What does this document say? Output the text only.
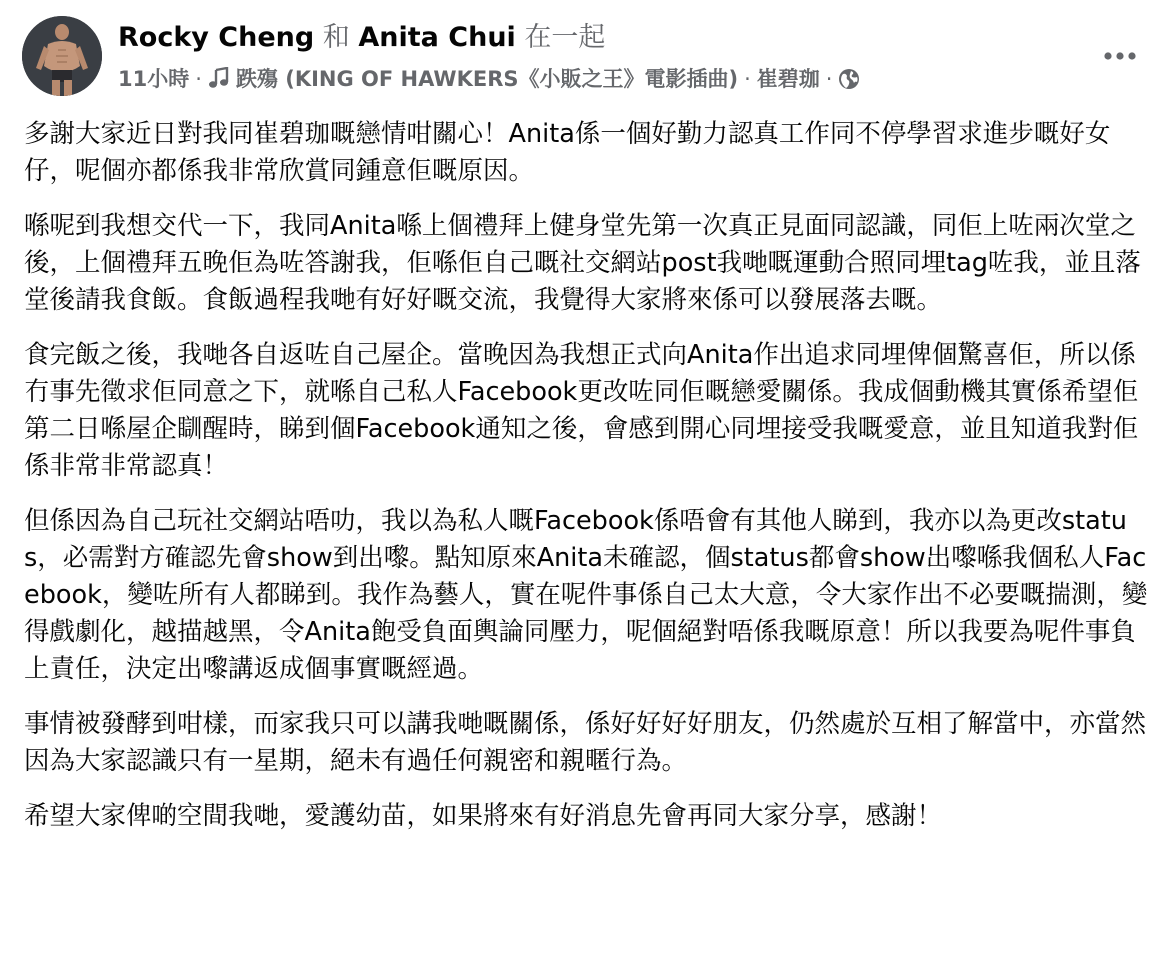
Rocky Cheng 和 Anita Chui 在一起
11小時 · 跌殤 (KING OF HAWKERS《小販之王》電影插曲) · 崔碧珈 ·

多謝大家近日對我同崔碧珈嘅戀情咁關心！Anita係一個好勤力認真工作同不停學習求進步嘅好女仔，呢個亦都係我非常欣賞同鍾意佢嘅原因。

喺呢到我想交代一下，我同Anita喺上個禮拜上健身堂先第一次真正見面同認識，同佢上咗兩次堂之後，上個禮拜五晚佢為咗答謝我，佢喺佢自己嘅社交網站post我哋嘅運動合照同埋tag咗我，並且落堂後請我食飯。食飯過程我哋有好好嘅交流，我覺得大家將來係可以發展落去嘅。

食完飯之後，我哋各自返咗自己屋企。當晚因為我想正式向Anita作出追求同埋俾個驚喜佢，所以係冇事先徵求佢同意之下，就喺自己私人Facebook更改咗同佢嘅戀愛關係。我成個動機其實係希望佢第二日喺屋企瞓醒時，睇到個Facebook通知之後，會感到開心同埋接受我嘅愛意，並且知道我對佢係非常非常認真！

但係因為自己玩社交網站唔叻，我以為私人嘅Facebook係唔會有其他人睇到，我亦以為更改status，必需對方確認先會show到出嚟。點知原來Anita未確認，個status都會show出嚟喺我個私人Facebook，變咗所有人都睇到。我作為藝人，實在呢件事係自己太大意，令大家作出不必要嘅揣測，變得戲劇化，越描越黑，令Anita飽受負面輿論同壓力，呢個絕對唔係我嘅原意！所以我要為呢件事負上責任，決定出嚟講返成個事實嘅經過。

事情被發酵到咁樣，而家我只可以講我哋嘅關係，係好好好好朋友，仍然處於互相了解當中，亦當然因為大家認識只有一星期，絕未有過任何親密和親暱行為。

希望大家俾啲空間我哋，愛護幼苗，如果將來有好消息先會再同大家分享，感謝！
